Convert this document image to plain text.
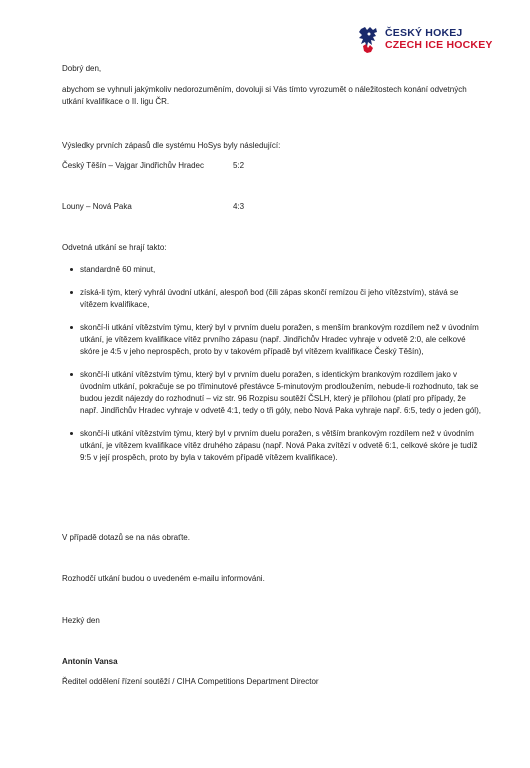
ČESKÝ HOKEJ
CZECH ICE HOCKEY
Dobrý den,
abychom se vyhnuli jakýmkoliv nedorozuměním, dovoluji si Vás tímto vyrozumět o náležitostech konání odvetných utkání kvalifikace o II. ligu ČR.
Výsledky prvních zápasů dle systému HoSys byly následující:
Český Těšín – Vajgar Jindřichův Hradec	5:2
Louny – Nová Paka	4:3
Odvetná utkání se hrají takto:
standardně 60 minut,
získá-li tým, který vyhrál úvodní utkání, alespoň bod (čili zápas skončí remízou či jeho vítězstvím), stává se vítězem kvalifikace,
skončí-li utkání vítězstvím týmu, který byl v prvním duelu poražen, s menším brankovým rozdílem než v úvodním utkání, je vítězem kvalifikace vítěz prvního zápasu (např. Jindřichův Hradec vyhraje v odvetě 2:0, ale celkové skóre je 4:5 v jeho neprospěch, proto by v takovém případě byl vítězem kvalifikace Český Těšín),
skončí-li utkání vítězstvím týmu, který byl v prvním duelu poražen, s identickým brankovým rozdílem jako v úvodním utkání, pokračuje se po tříminutové přestávce 5-minutovým prodloužením, nebude-li rozhodnuto, tak se budou jezdit nájezdy do rozhodnutí – viz str. 96 Rozpisu soutěží ČSLH, který je přílohou (platí pro případy, že např. Jindřichův Hradec vyhraje v odvetě 4:1, tedy o tři góly, nebo Nová Paka vyhraje např. 6:5, tedy o jeden gól),
skončí-li utkání vítězstvím týmu, který byl v prvním duelu poražen, s větším brankovým rozdílem než v úvodním utkání, je vítězem kvalifikace vítěz druhého zápasu (např. Nová Paka zvítězí v odvetě 6:1, celkové skóre je tudíž 9:5 v její prospěch, proto by byla v takovém případě vítězem kvalifikace).
V případě dotazů se na nás obraťte.
Rozhodčí utkání budou o uvedeném e-mailu informováni.
Hezký den
Antonín Vansa
Ředitel oddělení řízení soutěží / CIHA Competitions Department Director
